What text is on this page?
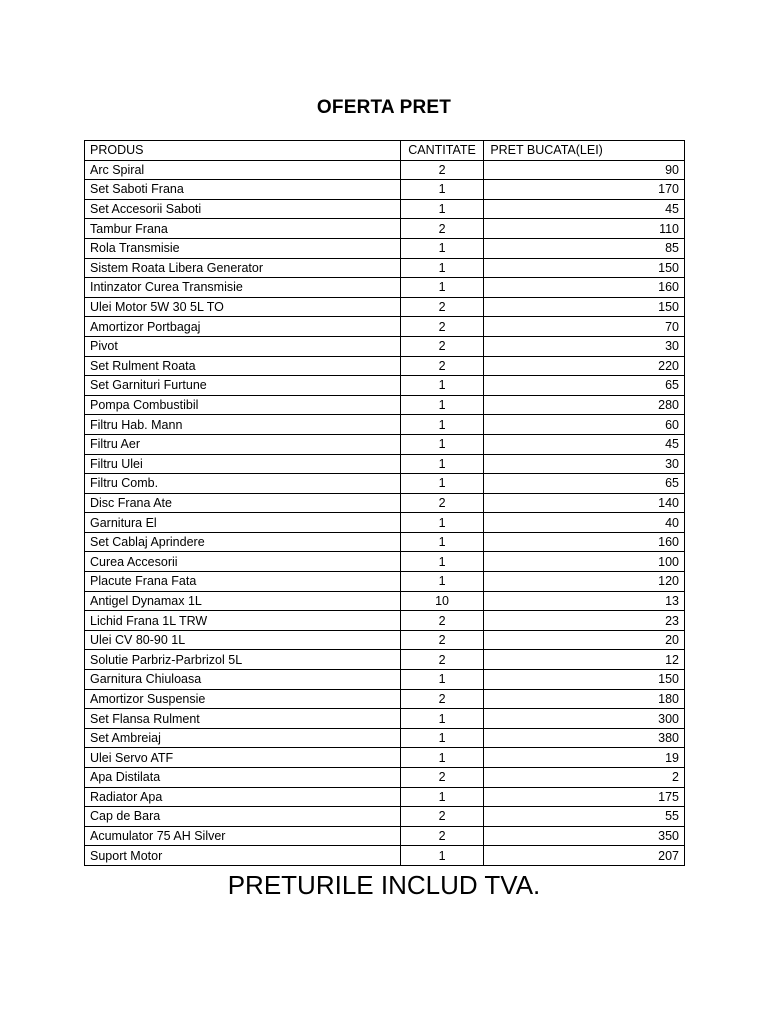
OFERTA PRET
PRODUS	CANTITATE	PRET BUCATA(LEI)
Arc Spiral	2	90
Set Saboti Frana	1	170
Set Accesorii Saboti	1	45
Tambur Frana	2	110
Rola Transmisie	1	85
Sistem Roata Libera Generator	1	150
Intinzator Curea Transmisie	1	160
Ulei Motor 5W 30 5L TO	2	150
Amortizor Portbagaj	2	70
Pivot	2	30
Set Rulment Roata	2	220
Set Garnituri Furtune	1	65
Pompa Combustibil	1	280
Filtru Hab. Mann	1	60
Filtru Aer	1	45
Filtru Ulei	1	30
Filtru Comb.	1	65
Disc Frana Ate	2	140
Garnitura El	1	40
Set Cablaj Aprindere	1	160
Curea Accesorii	1	100
Placute Frana Fata	1	120
Antigel Dynamax 1L	10	13
Lichid Frana 1L TRW	2	23
Ulei CV 80-90 1L	2	20
Solutie Parbriz-Parbrizol 5L	2	12
Garnitura Chiuloasa	1	150
Amortizor Suspensie	2	180
Set Flansa Rulment	1	300
Set Ambreiaj	1	380
Ulei Servo ATF	1	19
Apa Distilata	2	2
Radiator Apa	1	175
Cap de Bara	2	55
Acumulator 75 AH Silver	2	350
Suport Motor	1	207
PRETURILE INCLUD TVA.
